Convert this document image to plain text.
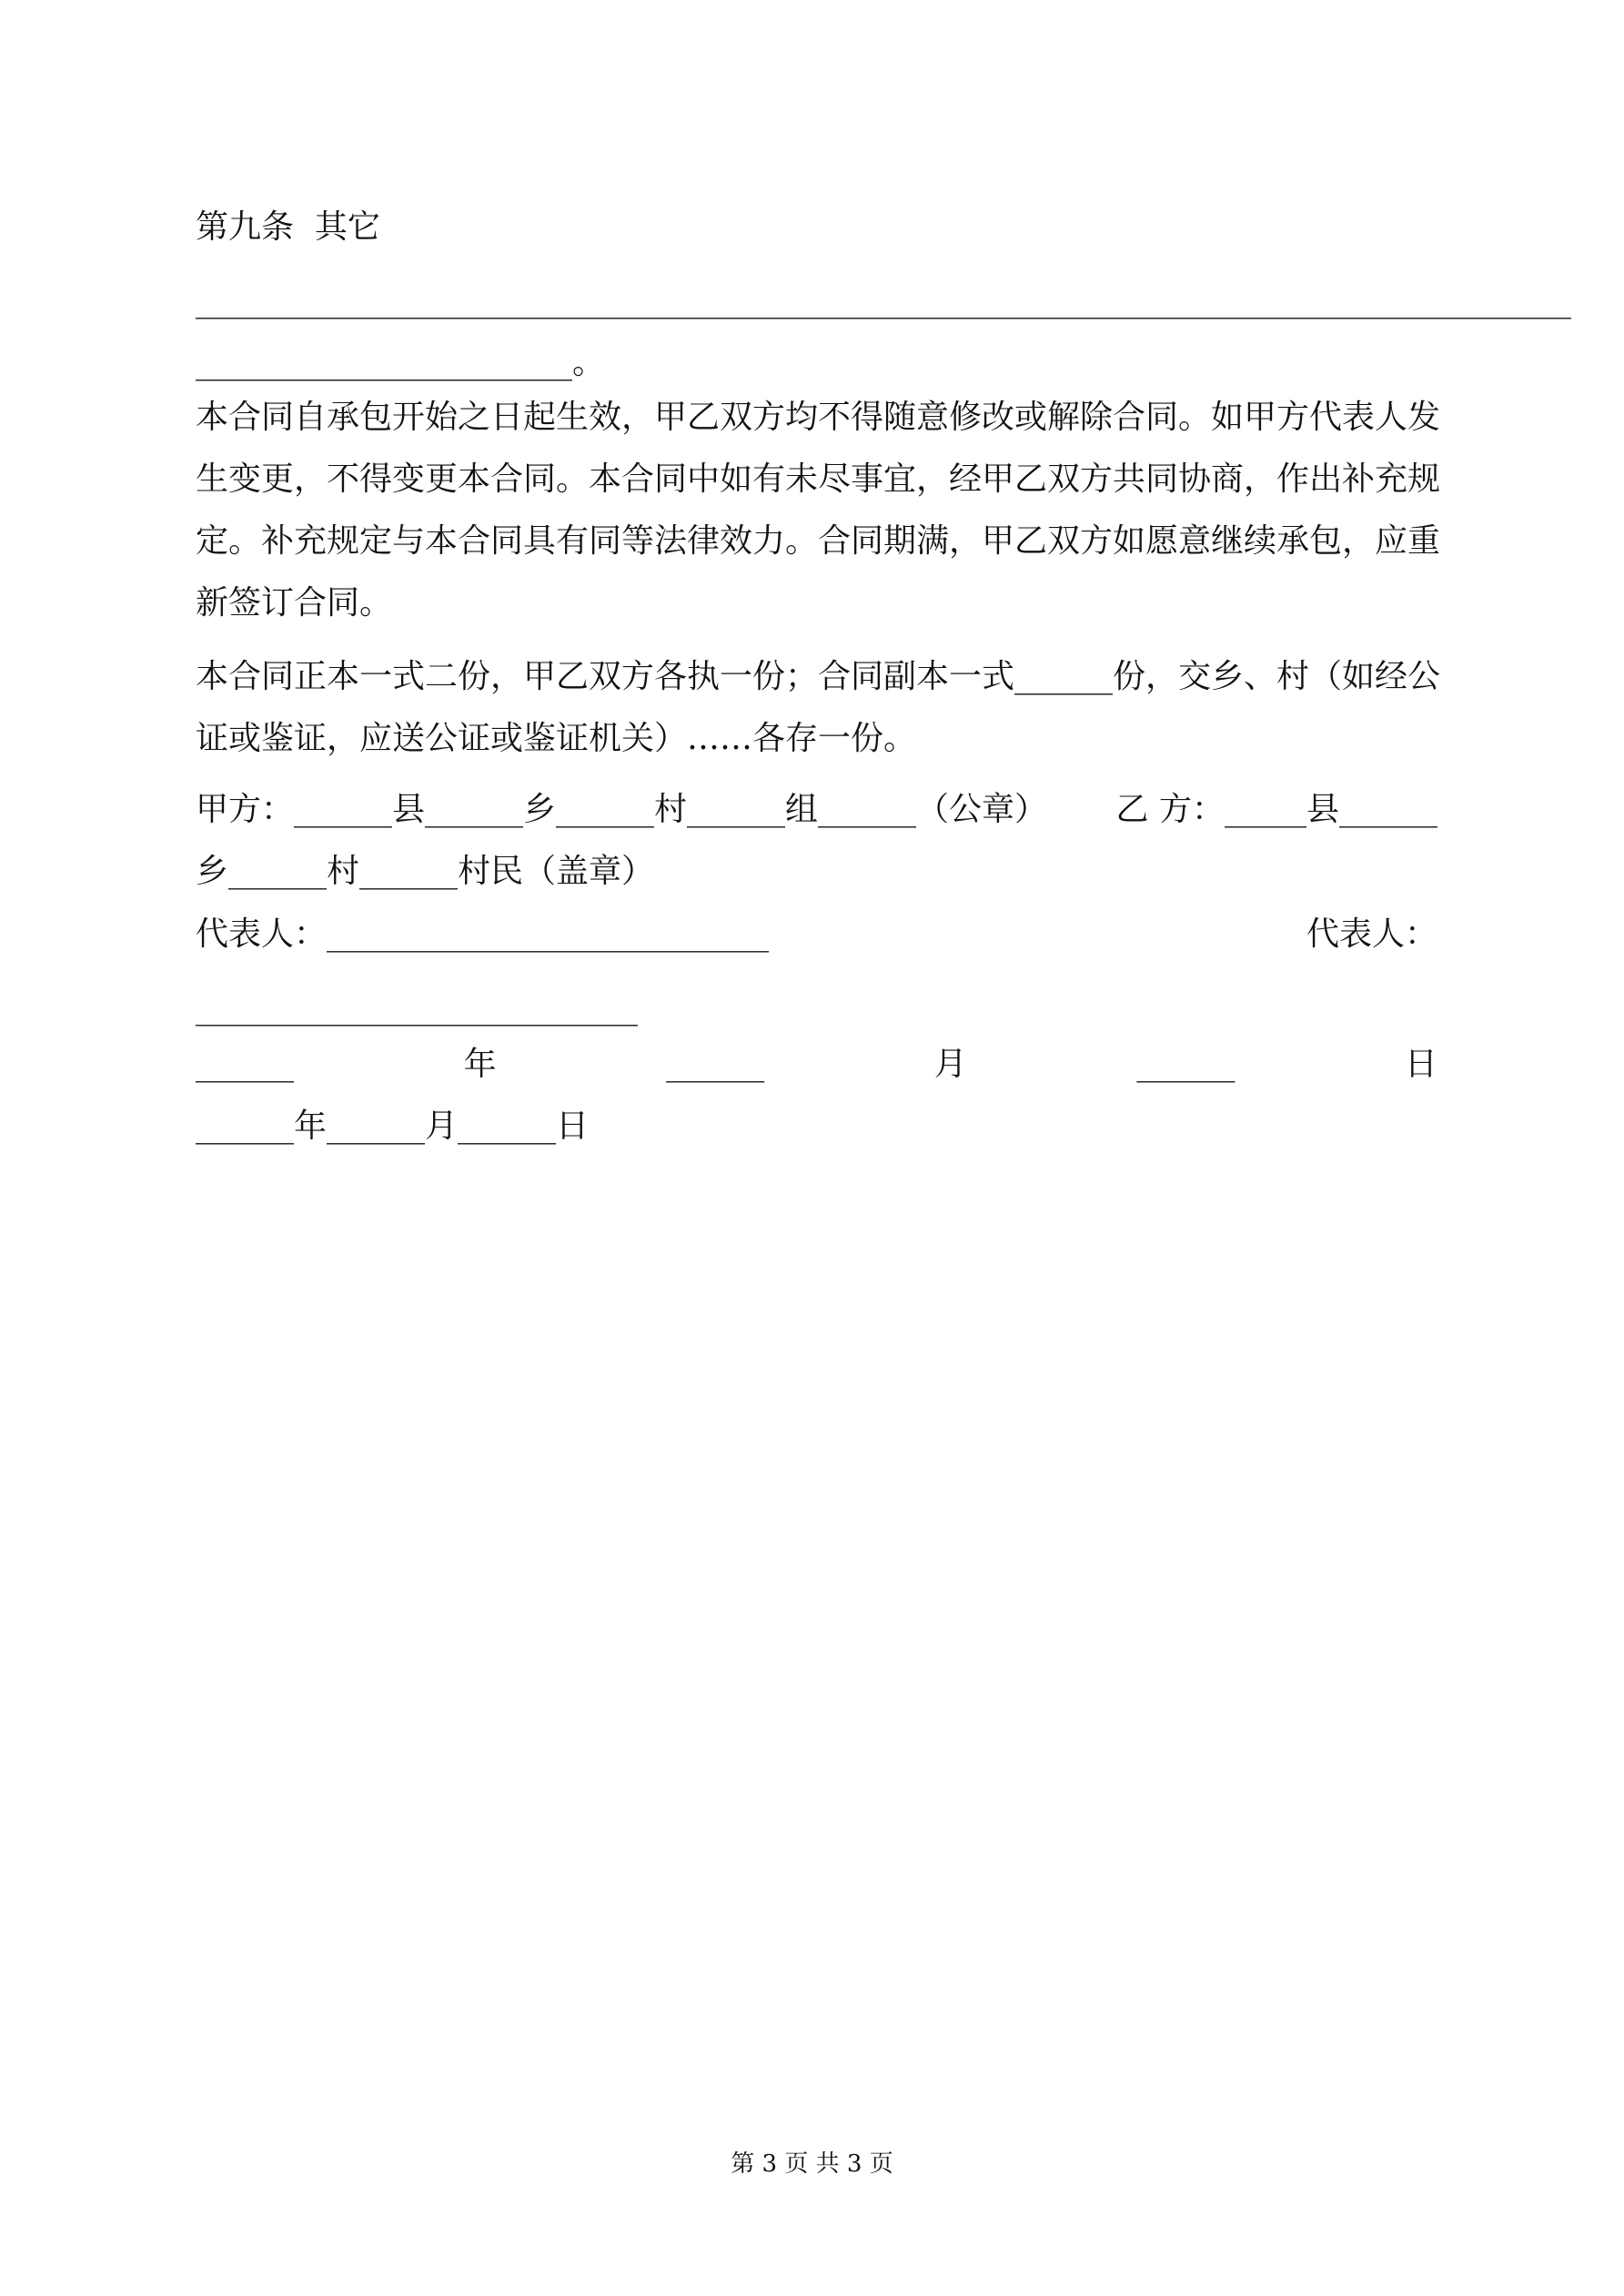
第九条  其它
____________________________________________________________________________________
_______________________。
本合同自承包开始之日起生效，甲乙双方均不得随意修改或解除合同。如甲方代表人发
生变更，不得变更本合同。本合同中如有未尽事宜，经甲乙双方共同协商，作出补充规
定。补充规定与本合同具有同等法律效力。合同期满，甲乙双方如愿意继续承包，应重
新签订合同。
本合同正本一式二份，甲乙双方各执一份；合同副本一式______份，交乡、村（如经公
证或鉴证，应送公证或鉴证机关）……各存一份。
甲方：______县______乡______村______组______（公章） 乙 方：_____县______
乡______村______村民（盖章）
代表人：___________________________	代表人：
___________________________
______	年	______	月	______	日
______年______月______日
第 3 页 共 3 页
